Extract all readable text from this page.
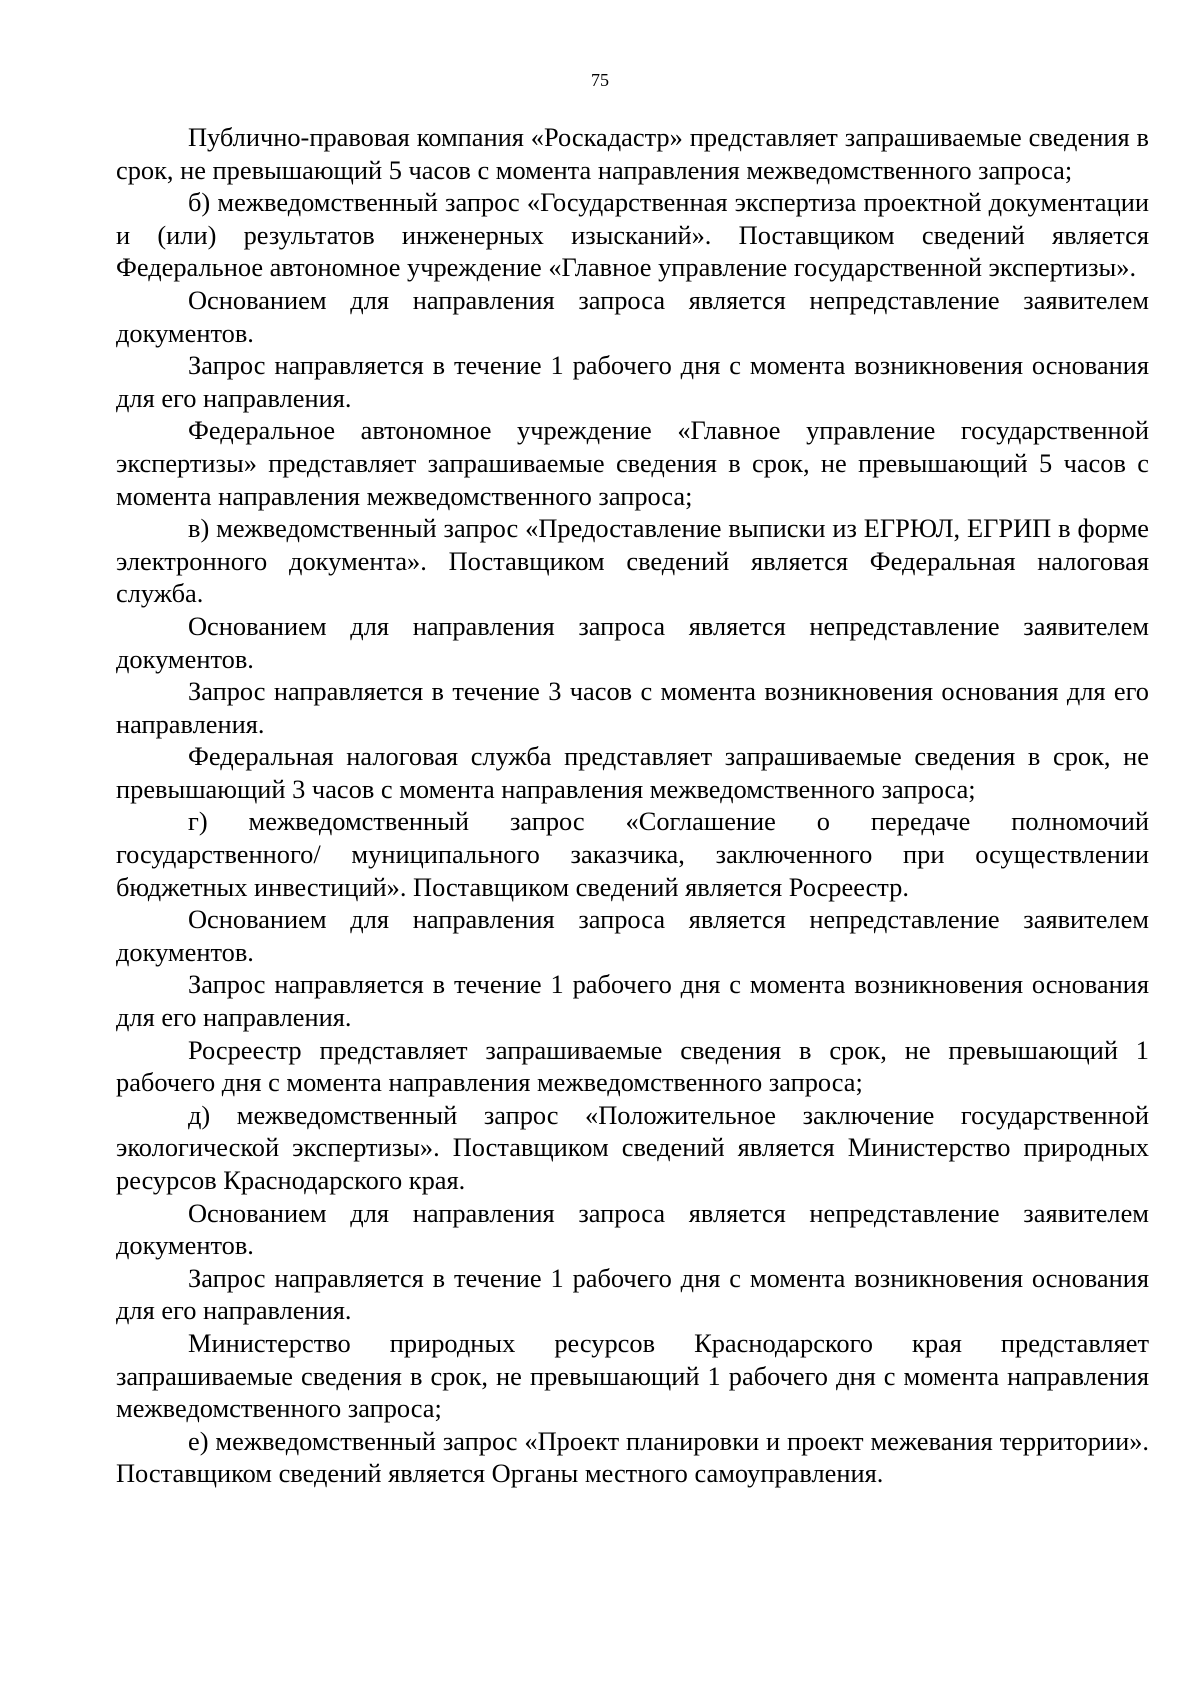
75

Публично-правовая компания «Роскадастр» представляет запрашиваемые сведения в срок, не превышающий 5 часов с момента направления межведомственного запроса;

б) межведомственный запрос «Государственная экспертиза проектной документации и (или) результатов инженерных изысканий». Поставщиком сведений является Федеральное автономное учреждение «Главное управление государственной экспертизы».

Основанием для направления запроса является непредставление заявителем документов.

Запрос направляется в течение 1 рабочего дня с момента возникновения основания для его направления.

Федеральное автономное учреждение «Главное управление государственной экспертизы» представляет запрашиваемые сведения в срок, не превышающий 5 часов с момента направления межведомственного запроса;

в) межведомственный запрос «Предоставление выписки из ЕГРЮЛ, ЕГРИП в форме электронного документа». Поставщиком сведений является Федеральная налоговая служба.

Основанием для направления запроса является непредставление заявителем документов.

Запрос направляется в течение 3 часов с момента возникновения основания для его направления.

Федеральная налоговая служба представляет запрашиваемые сведения в срок, не превышающий 3 часов с момента направления межведомственного запроса;

г) межведомственный запрос «Соглашение о передаче полномочий государственного/ муниципального заказчика, заключенного при осуществлении бюджетных инвестиций». Поставщиком сведений является Росреестр.

Основанием для направления запроса является непредставление заявителем документов.

Запрос направляется в течение 1 рабочего дня с момента возникновения основания для его направления.

Росреестр представляет запрашиваемые сведения в срок, не превышающий 1 рабочего дня с момента направления межведомственного запроса;

д) межведомственный запрос «Положительное заключение государственной экологической экспертизы». Поставщиком сведений является Министерство природных ресурсов Краснодарского края.

Основанием для направления запроса является непредставление заявителем документов.

Запрос направляется в течение 1 рабочего дня с момента возникновения основания для его направления.

Министерство природных ресурсов Краснодарского края представляет запрашиваемые сведения в срок, не превышающий 1 рабочего дня с момента направления межведомственного запроса;

е) межведомственный запрос «Проект планировки и проект межевания территории». Поставщиком сведений является Органы местного самоуправления.
